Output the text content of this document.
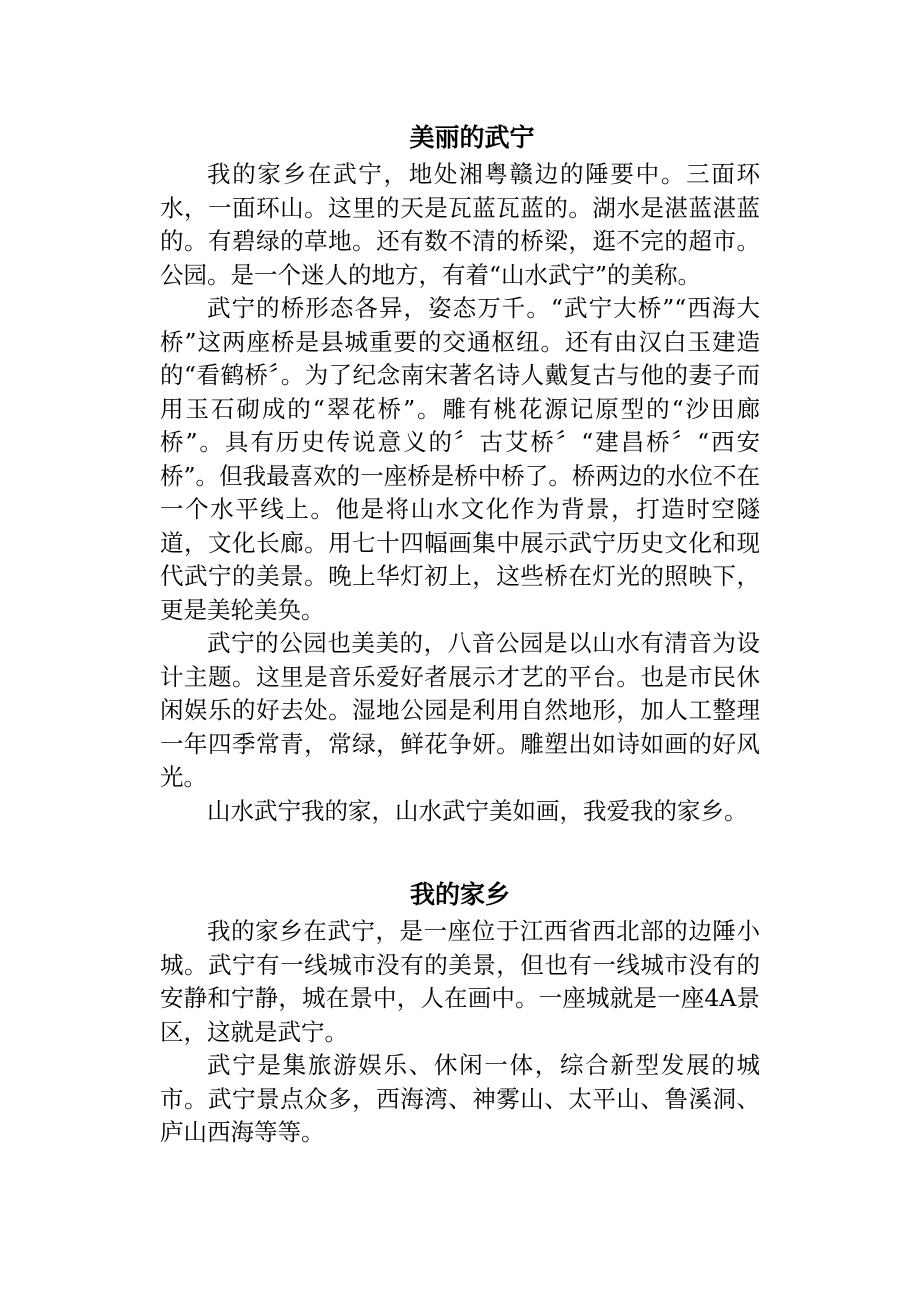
美丽的武宁

我的家乡在武宁，地处湘粤赣边的陲要中。三面环水，一面环山。这里的天是瓦蓝瓦蓝的。湖水是湛蓝湛蓝的。有碧绿的草地。还有数不清的桥梁，逛不完的超市。公园。是一个迷人的地方，有着“山水武宁”的美称。

武宁的桥形态各异，姿态万千。“武宁大桥”“西海大桥”这两座桥是县城重要的交通枢纽。还有由汉白玉建造的“看鹤桥〞。为了纪念南宋著名诗人戴复古与他的妻子而用玉石砌成的“翠花桥”。雕有桃花源记原型的“沙田廊桥”。具有历史传说意义的〞古艾桥〞“建昌桥〞“西安桥”。但我最喜欢的一座桥是桥中桥了。桥两边的水位不在一个水平线上。他是将山水文化作为背景，打造时空隧道，文化长廊。用七十四幅画集中展示武宁历史文化和现代武宁的美景。晚上华灯初上，这些桥在灯光的照映下，更是美轮美奂。

武宁的公园也美美的，八音公园是以山水有清音为设计主题。这里是音乐爱好者展示才艺的平台。也是市民休闲娱乐的好去处。湿地公园是利用自然地形，加人工整理一年四季常青，常绿，鲜花争妍。雕塑出如诗如画的好风光。

山水武宁我的家，山水武宁美如画，我爱我的家乡。

我的家乡

我的家乡在武宁，是一座位于江西省西北部的边陲小城。武宁有一线城市没有的美景，但也有一线城市没有的安静和宁静，城在景中，人在画中。一座城就是一座4A景区，这就是武宁。

武宁是集旅游娱乐、休闲一体，综合新型发展的城市。武宁景点众多，西海湾、神雾山、太平山、鲁溪洞、庐山西海等等。
